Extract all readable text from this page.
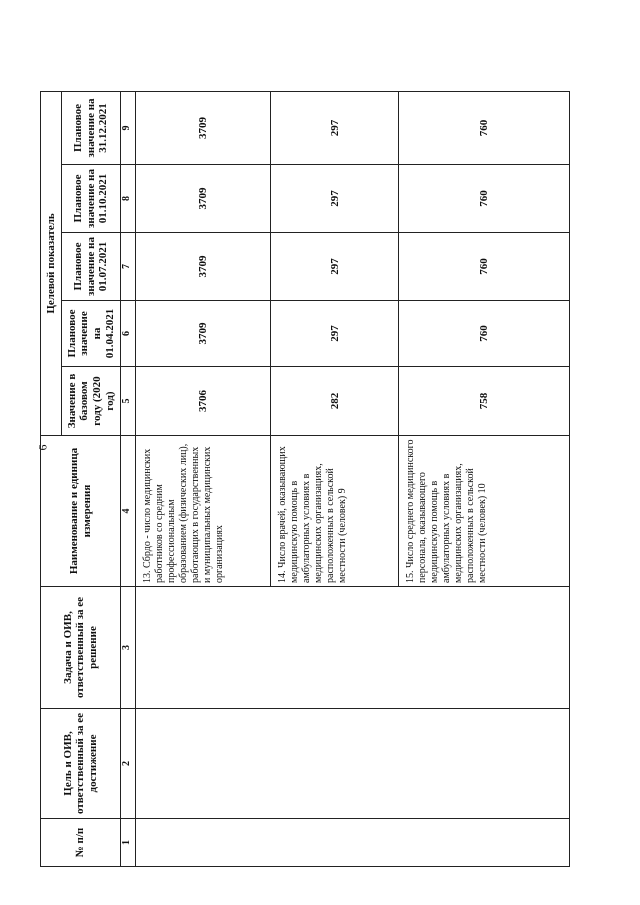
6
№ п/п	Цель и ОИВ, ответственный за ее достижение	Задача и ОИВ, ответственный за ее решение	Наименование и единица измерения	Целевой показатель				
				Значение в базовом году (2020 год)	Плановое значение на 01.04.2021	Плановое значение на 01.07.2021	Плановое значение на 01.10.2021	Плановое значение на 31.12.2021
1	2	3	4	5	6	7	8	9
			13. Сбрдо - число медицинских работников со средним профессиональным образованием (физических лиц), работающих в государственных и муниципальных медицинских организациях	3706	3709	3709	3709	3709
			14. Число врачей, оказывающих медицинскую помощь в амбулаторных условиях в медицинских организациях, расположенных в сельской местности (человек) 9	282	297	297	297	297
			15. Число среднего медицинского персонала, оказывающего медицинскую помощь в амбулаторных условиях в медицинских организациях, расположенных в сельской местности (человек) 10	758	760	760	760	760
